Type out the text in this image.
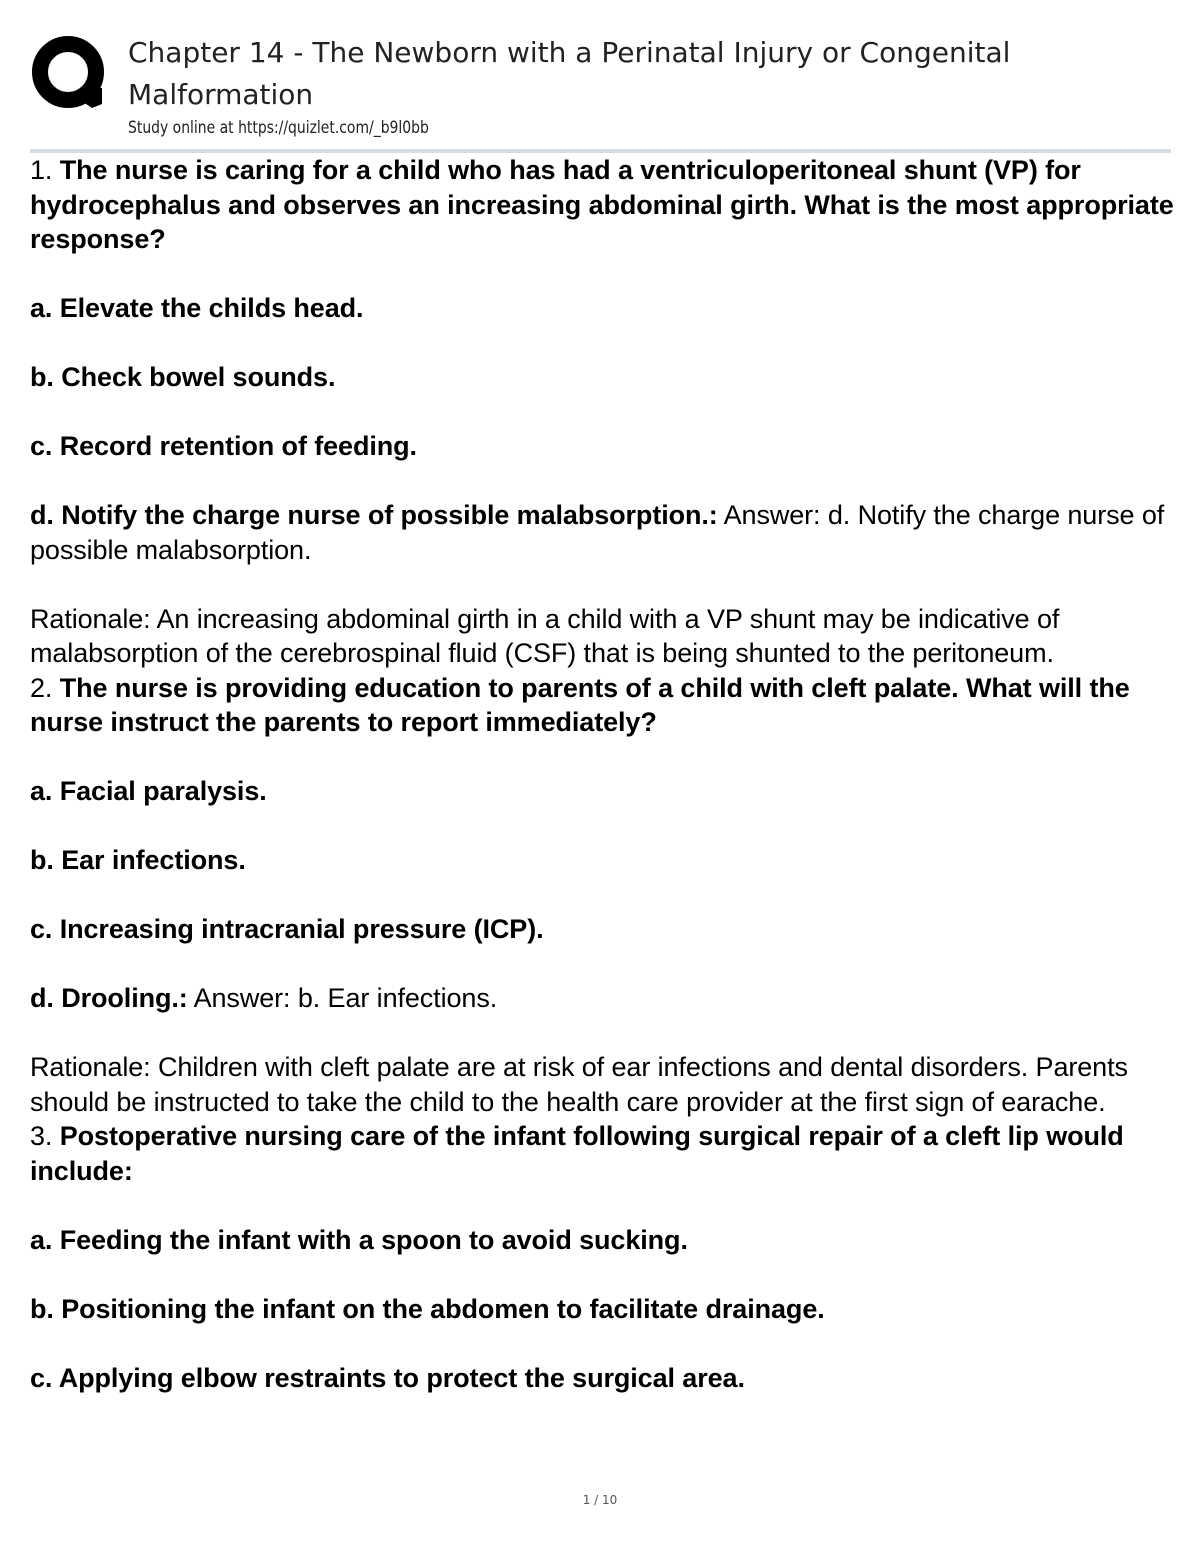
Chapter 14 - The Newborn with a Perinatal Injury or Congenital Malformation
Study online at https://quizlet.com/_b9l0bb

1. The nurse is caring for a child who has had a ventriculoperitoneal shunt (VP) for hydrocephalus and observes an increasing abdominal girth. What is the most appropriate response?

a. Elevate the childs head.

b. Check bowel sounds.

c. Record retention of feeding.

d. Notify the charge nurse of possible malabsorption.: Answer: d. Notify the charge nurse of possible malabsorption.

Rationale: An increasing abdominal girth in a child with a VP shunt may be indicative of malabsorption of the cerebrospinal fluid (CSF) that is being shunted to the peritoneum.

2. The nurse is providing education to parents of a child with cleft palate. What will the nurse instruct the parents to report immediately?

a. Facial paralysis.

b. Ear infections.

c. Increasing intracranial pressure (ICP).

d. Drooling.: Answer: b. Ear infections.

Rationale: Children with cleft palate are at risk of ear infections and dental disorders. Parents should be instructed to take the child to the health care provider at the first sign of earache.

3. Postoperative nursing care of the infant following surgical repair of a cleft lip would include:

a. Feeding the infant with a spoon to avoid sucking.

b. Positioning the infant on the abdomen to facilitate drainage.

c. Applying elbow restraints to protect the surgical area.

1 / 10
